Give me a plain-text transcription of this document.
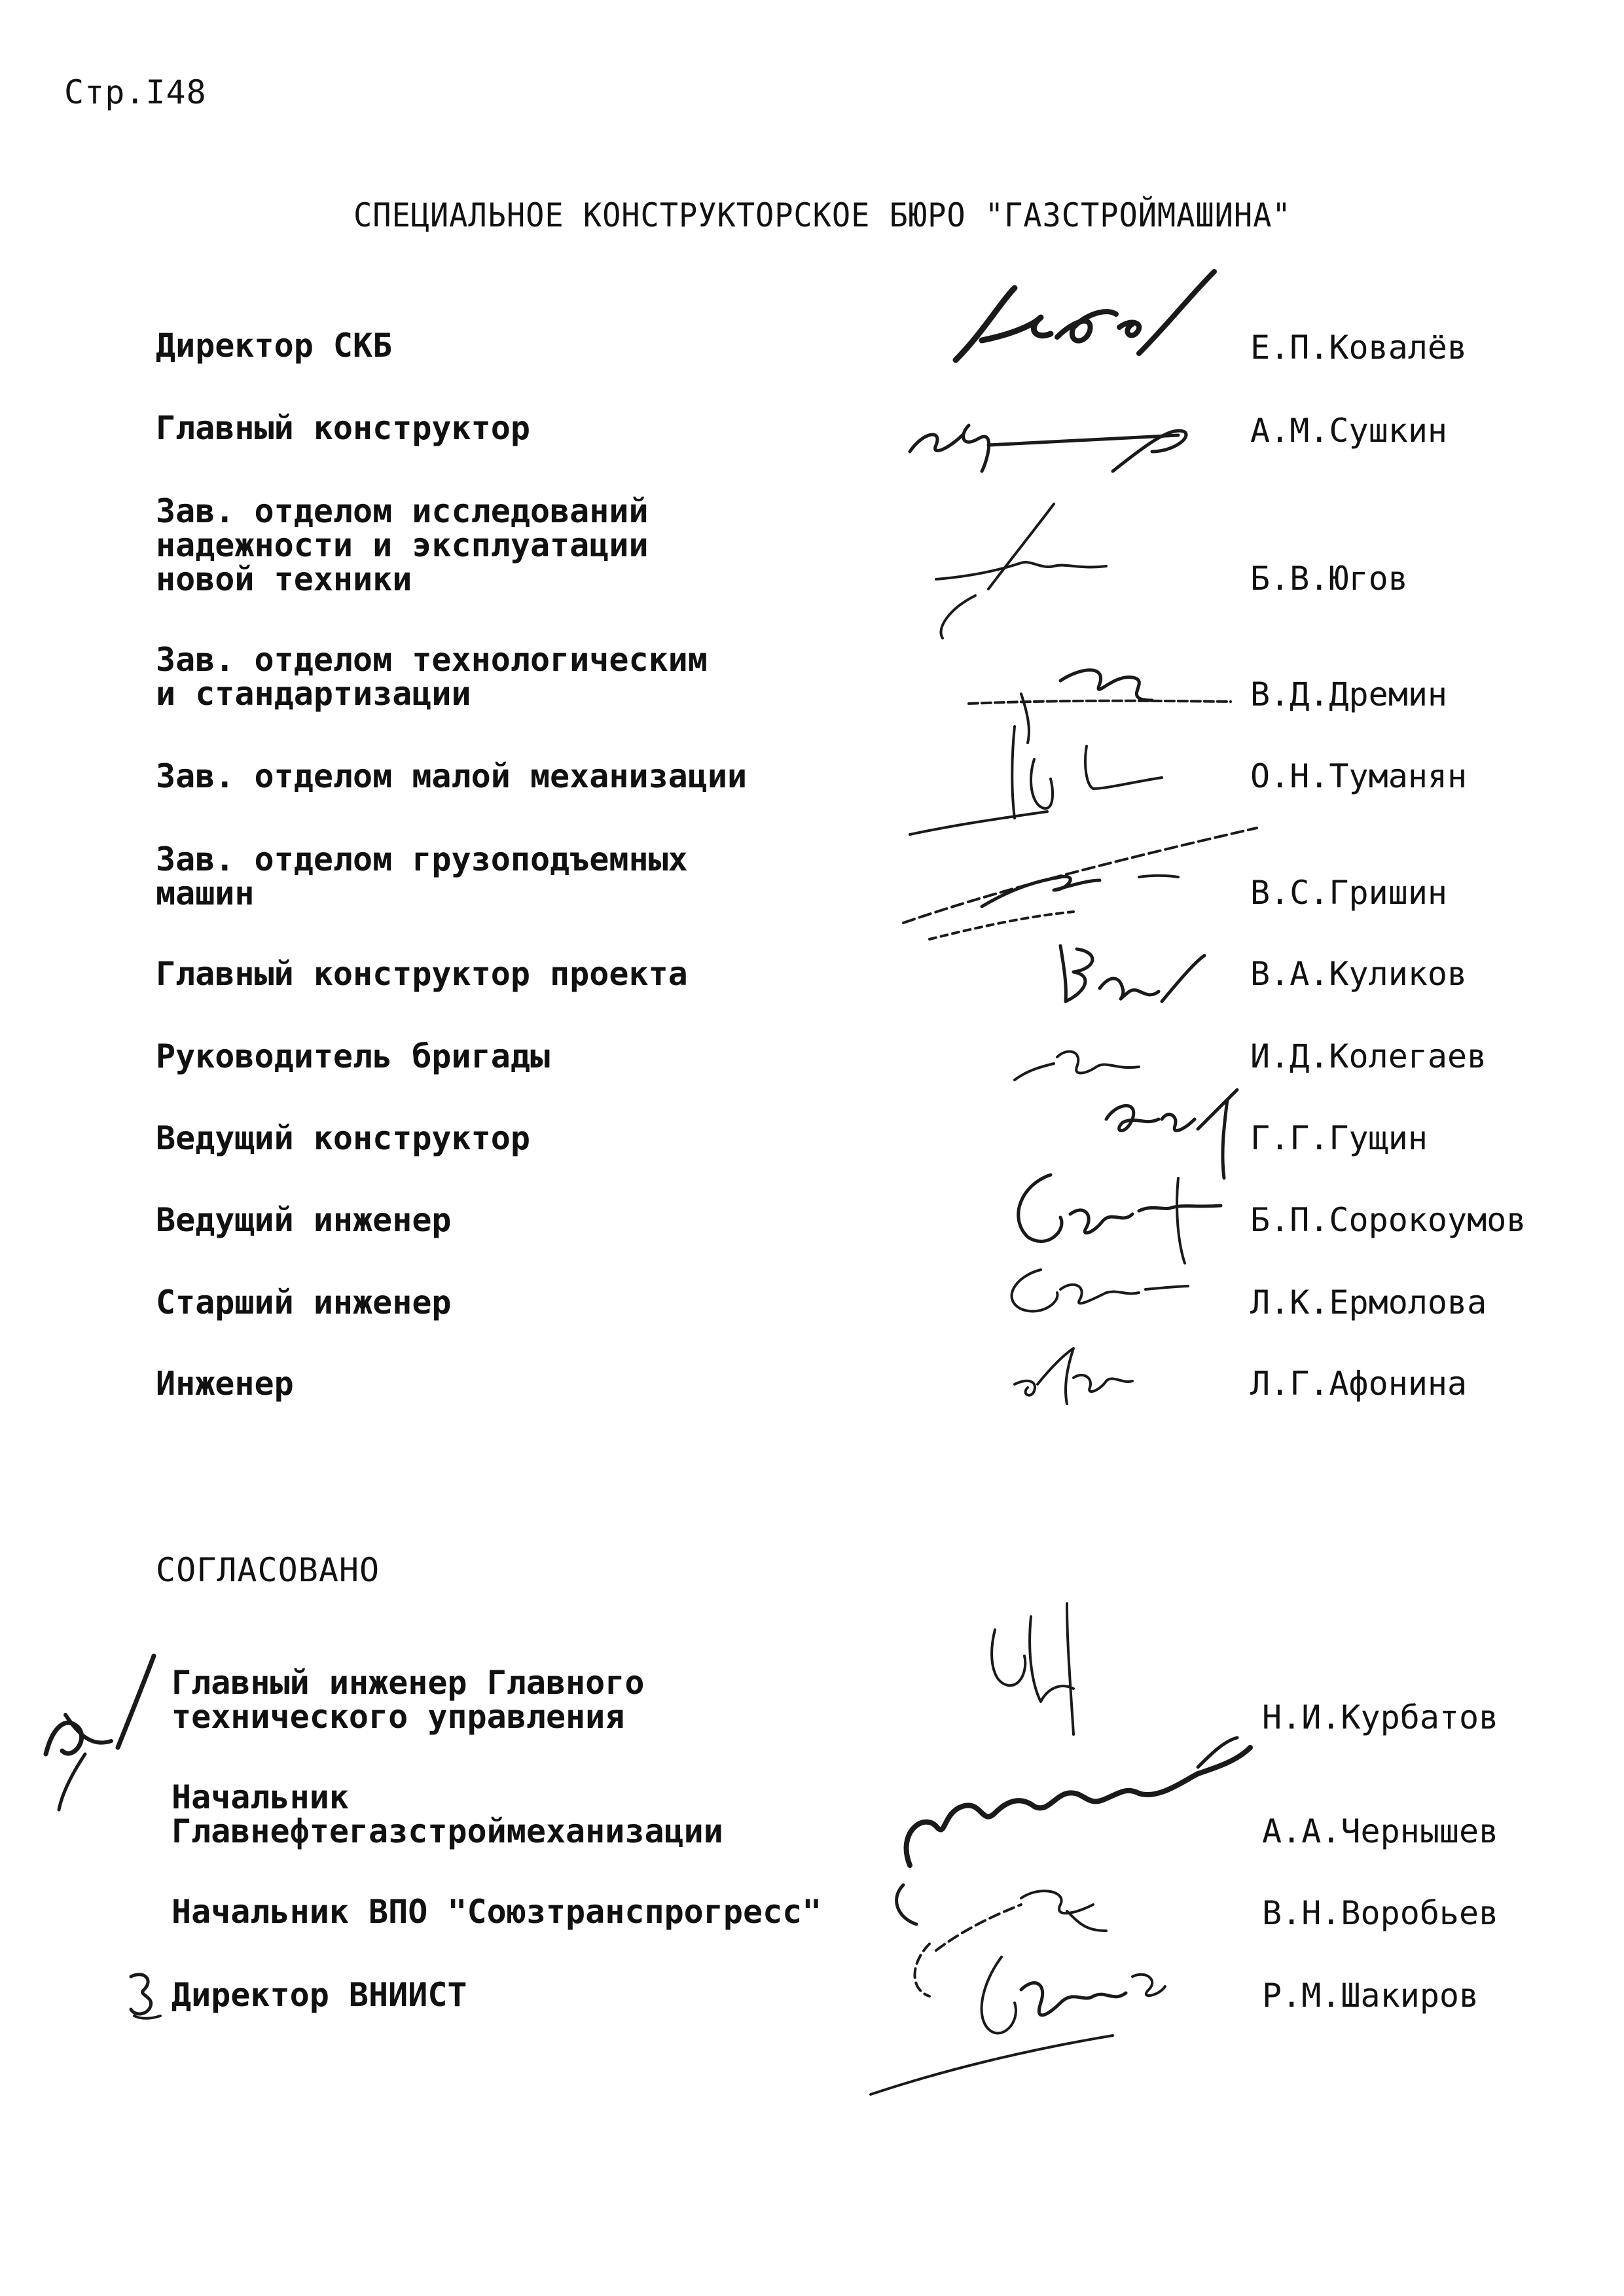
Стр.I48
СПЕЦИАЛЬНОЕ КОНСТРУКТОРСКОЕ БЮРО "ГАЗСТРОЙМАШИНА"
Директор СКБ
Главный конструктор
Зав. отделом исследований
надежности и эксплуатации
новой техники
Зав. отделом технологическим
и стандартизации
Зав. отделом малой механизации
Зав. отделом грузоподъемных
машин
Главный конструктор проекта
Руководитель бригады
Ведущий конструктор
Ведущий инженер
Старший инженер
Инженер
Е.П.Ковалёв
А.М.Сушкин
Б.В.Югов
В.Д.Дремин
О.Н.Туманян
В.С.Гришин
В.А.Куликов
И.Д.Колегаев
Г.Г.Гущин
Б.П.Сорокоумов
Л.К.Ермолова
Л.Г.Афонина
СОГЛАСОВАНО
Главный инженер Главного
технического управления
Начальник
Главнефтегазстроймеханизации
Начальник ВПО "Союзтранспрогресс"
Директор ВНИИСТ
Н.И.Курбатов
А.А.Чернышев
В.Н.Воробьев
Р.М.Шакиров
